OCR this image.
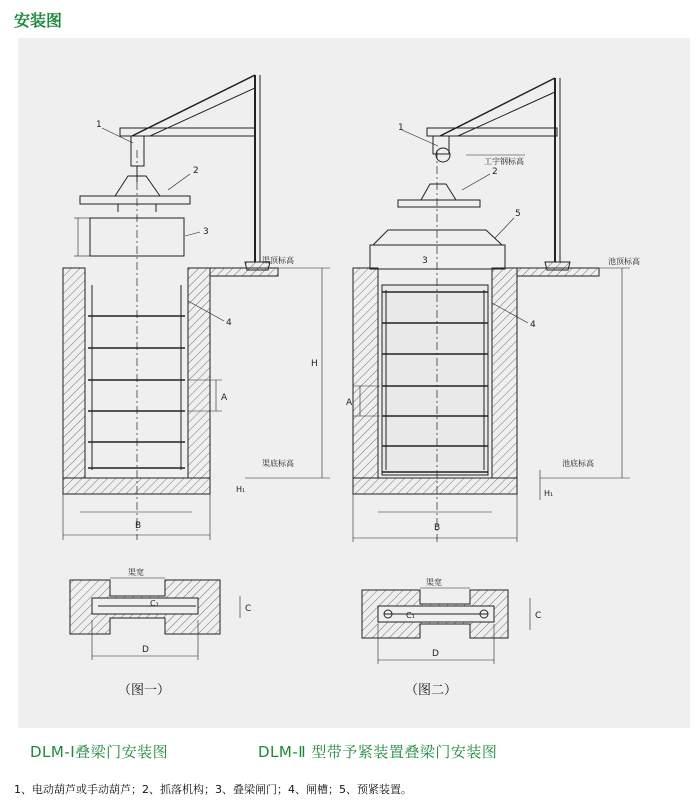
安装图
1
2
3
4
渠顶标高
渠底标高
H
H₁
A
B
渠宽
C₁
C
D
（图一）
1
工字钢标高
2
5
3
4
池顶标高
池底标高
H₁
A
B
渠宽
C₁	C
D
（图二）
DLM-Ⅰ叠梁门安装图	DLM-Ⅱ 型带予紧装置叠梁门安装图
1、电动葫芦或手动葫芦；2、抓落机构；3、叠梁闸门；4、闸槽；5、预紧装置。
